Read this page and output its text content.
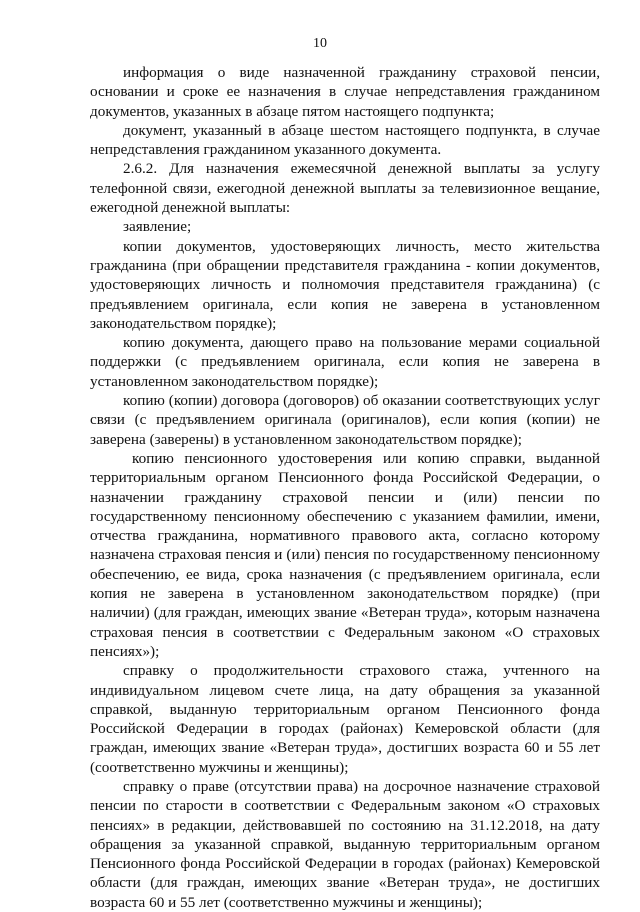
10

информация о виде назначенной гражданину страховой пенсии, основании и сроке ее назначения в случае непредставления гражданином документов, указанных в абзаце пятом настоящего подпункта;

документ, указанный в абзаце шестом настоящего подпункта, в случае непредставления гражданином указанного документа.

2.6.2. Для назначения ежемесячной денежной выплаты за услугу телефонной связи, ежегодной денежной выплаты за телевизионное вещание, ежегодной денежной выплаты:

заявление;

копии документов, удостоверяющих личность, место жительства гражданина (при обращении представителя гражданина - копии документов, удостоверяющих личность и полномочия представителя гражданина) (с предъявлением оригинала, если копия не заверена в установленном законодательством порядке);

копию документа, дающего право на пользование мерами социальной поддержки (с предъявлением оригинала, если копия не заверена в установленном законодательством порядке);

копию (копии) договора (договоров) об оказании соответствующих услуг связи (с предъявлением оригинала (оригиналов), если копия (копии) не заверена (заверены) в установленном законодательством порядке);

копию пенсионного удостоверения или копию справки, выданной территориальным органом Пенсионного фонда Российской Федерации, о назначении гражданину страховой пенсии и (или) пенсии по государственному пенсионному обеспечению с указанием фамилии, имени, отчества гражданина, нормативного правового акта, согласно которому назначена страховая пенсия и (или) пенсия по государственному пенсионному обеспечению, ее вида, срока назначения (с предъявлением оригинала, если копия не заверена в установленном законодательством порядке) (при наличии) (для граждан, имеющих звание «Ветеран труда», которым назначена страховая пенсия в соответствии с Федеральным законом «О страховых пенсиях»);

справку о продолжительности страхового стажа, учтенного на индивидуальном лицевом счете лица, на дату обращения за указанной справкой, выданную территориальным органом Пенсионного фонда Российской Федерации в городах (районах) Кемеровской области (для граждан, имеющих звание «Ветеран труда», достигших возраста 60 и 55 лет (соответственно мужчины и женщины);

справку о праве (отсутствии права) на досрочное назначение страховой пенсии по старости в соответствии с Федеральным законом «О страховых пенсиях» в редакции, действовавшей по состоянию на 31.12.2018, на дату обращения за указанной справкой, выданную территориальным органом Пенсионного фонда Российской Федерации в городах (районах) Кемеровской области (для граждан, имеющих звание «Ветеран труда», не достигших возраста 60 и 55 лет (соответственно мужчины и женщины);
